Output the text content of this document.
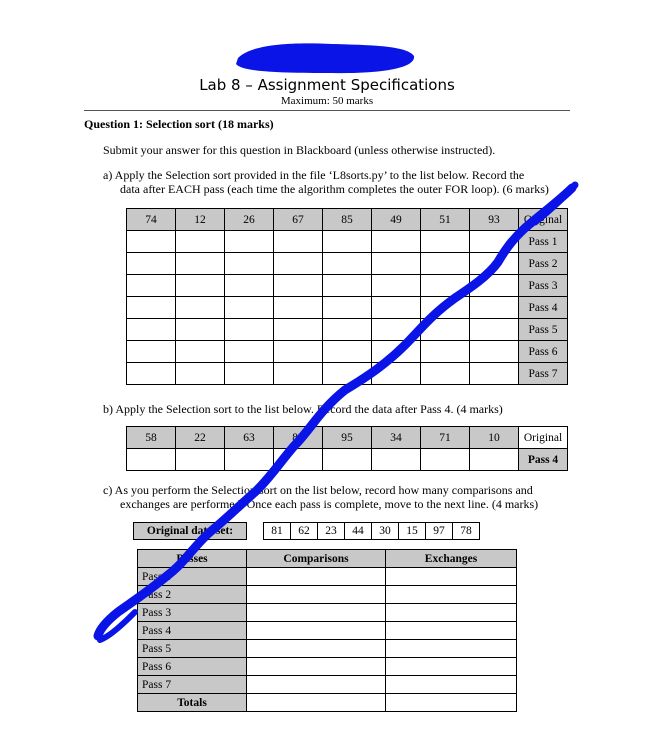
Lab 8 – Assignment Specifications
Maximum: 50 marks
Question 1: Selection sort (18 marks)
Submit your answer for this question in Blackboard (unless otherwise instructed).
a) Apply the Selection sort provided in the file ‘L8sorts.py’ to the list below. Record the
data after EACH pass (each time the algorithm completes the outer FOR loop). (6 marks)
74	12	26	67	85	49	51	93	Original
								Pass 1
								Pass 2
								Pass 3
								Pass 4
								Pass 5
								Pass 6
								Pass 7
b) Apply the Selection sort to the list below. Record the data after Pass 4. (4 marks)
58	22	63	87	95	34	71	10	Original
								Pass 4
c) As you perform the Selection sort on the list below, record how many comparisons and
exchanges are performed. Once each pass is complete, move to the next line. (4 marks)
Original data set:		81	62	23	44	30	15	97	78
Passes	Comparisons	Exchanges
Pass 1		
Pass 2		
Pass 3		
Pass 4		
Pass 5		
Pass 6		
Pass 7		
Totals		
